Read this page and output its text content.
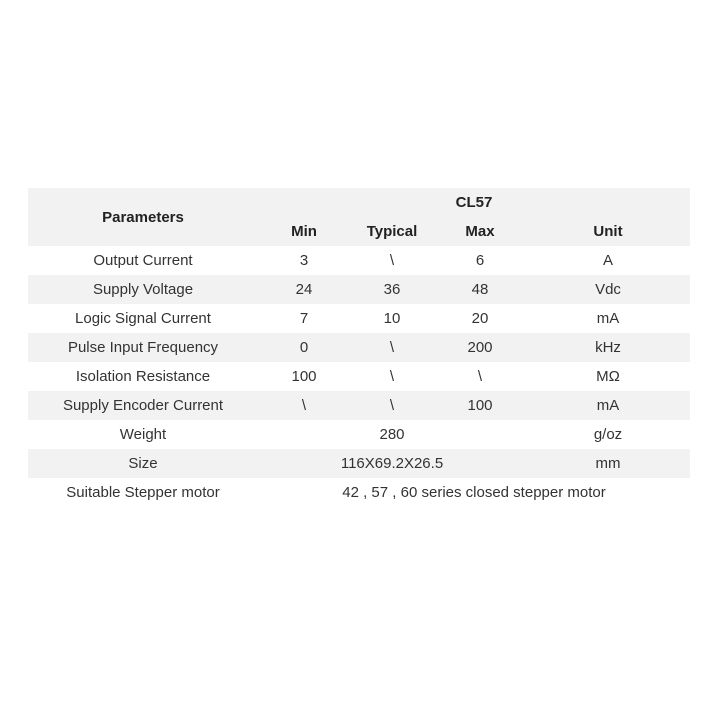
Parameters	CL57			
	Min	Typical	Max	Unit
Output Current	3	\	6	A
Supply Voltage	24	36	48	Vdc
Logic Signal Current	7	10	20	mA
Pulse Input Frequency	0	\	200	kHz
Isolation Resistance	100	\	\	MΩ
Supply Encoder Current	\	\	100	mA
Weight	280			g/oz
Size	116X69.2X26.5			mm
Suitable Stepper motor	42 , 57 , 60 series closed stepper motor			
